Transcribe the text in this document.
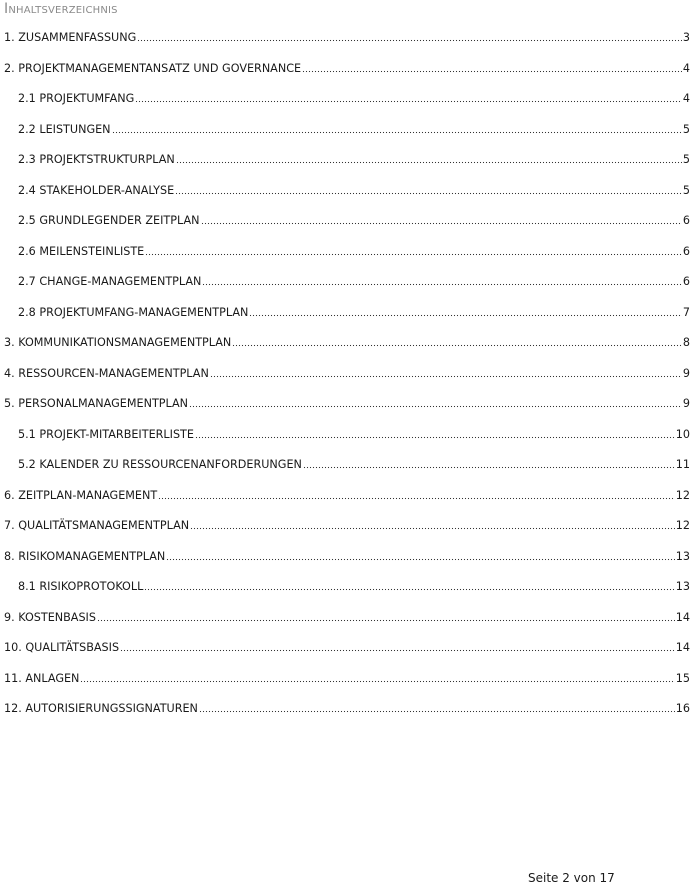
Inhaltsverzeichnis
1. ZUSAMMENFASSUNG	3
2. PROJEKTMANAGEMENTANSATZ UND GOVERNANCE	4
2.1 PROJEKTUMFANG	4
2.2 LEISTUNGEN	5
2.3 PROJEKTSTRUKTURPLAN	5
2.4 STAKEHOLDER-ANALYSE	5
2.5 GRUNDLEGENDER ZEITPLAN	6
2.6 MEILENSTEINLISTE	6
2.7 CHANGE-MANAGEMENTPLAN	6
2.8 PROJEKTUMFANG-MANAGEMENTPLAN	7
3. KOMMUNIKATIONSMANAGEMENTPLAN	8
4. RESSOURCEN-MANAGEMENTPLAN	9
5. PERSONALMANAGEMENTPLAN	9
5.1 PROJEKT-MITARBEITERLISTE	10
5.2 KALENDER ZU RESSOURCENANFORDERUNGEN	11
6. ZEITPLAN-MANAGEMENT	12
7. QUALITÄTSMANAGEMENTPLAN	12
8. RISIKOMANAGEMENTPLAN	13
8.1 RISIKOPROTOKOLL	13
9. KOSTENBASIS	14
10. QUALITÄTSBASIS	14
11. ANLAGEN	15
12. AUTORISIERUNGSSIGNATUREN	16
Seite 2 von 17
